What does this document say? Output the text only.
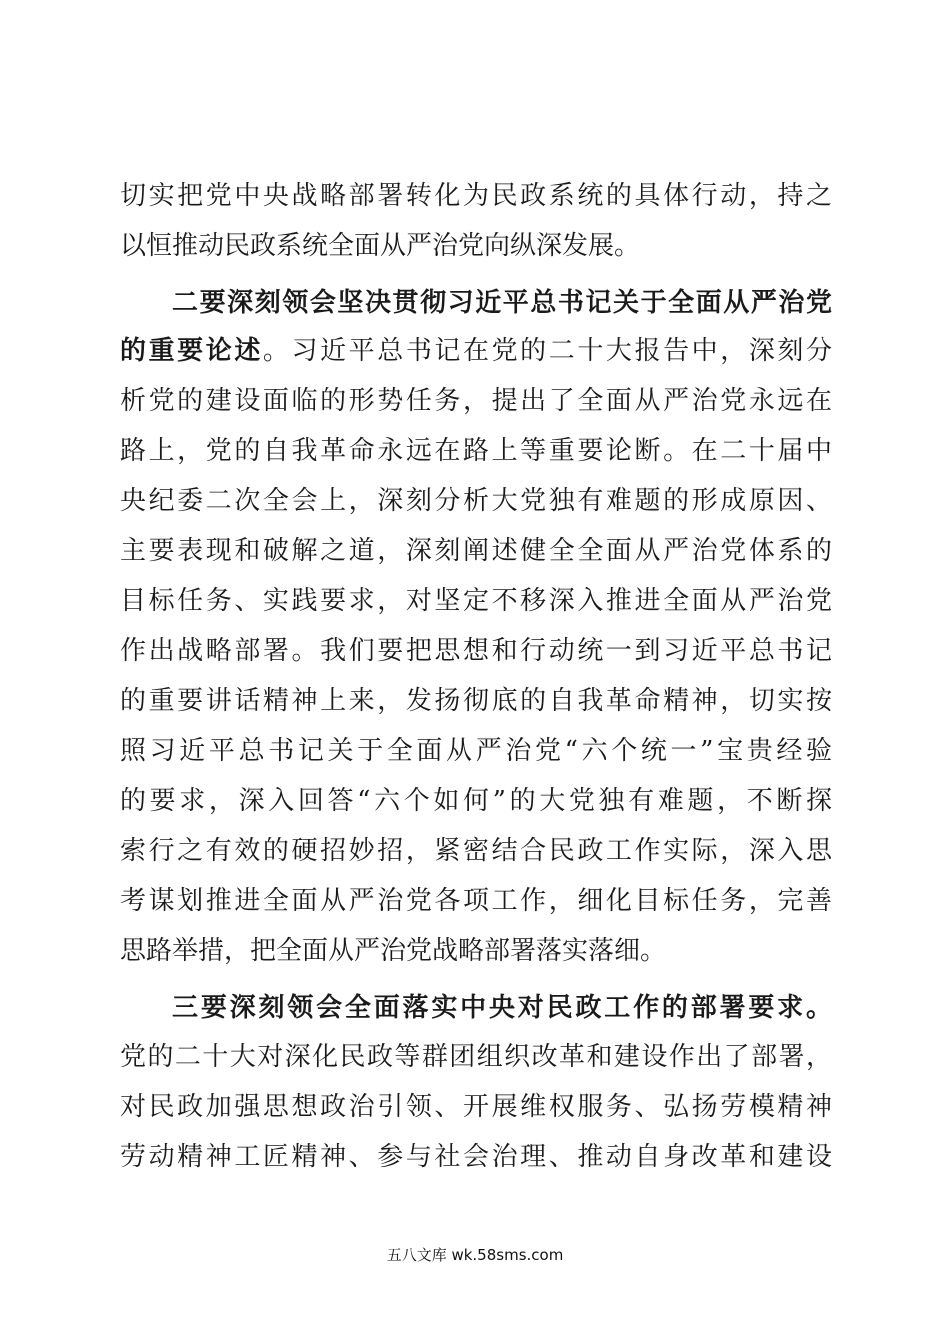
切实把党中央战略部署转化为民政系统的具体行动，持之

以恒推动民政系统全面从严治党向纵深发展。

二要深刻领会坚决贯彻习近平总书记关于全面从严治党

的重要论述。习近平总书记在党的二十大报告中，深刻分

析党的建设面临的形势任务，提出了全面从严治党永远在

路上，党的自我革命永远在路上等重要论断。在二十届中

央纪委二次全会上，深刻分析大党独有难题的形成原因、

主要表现和破解之道，深刻阐述健全全面从严治党体系的

目标任务、实践要求，对坚定不移深入推进全面从严治党

作出战略部署。我们要把思想和行动统一到习近平总书记

的重要讲话精神上来，发扬彻底的自我革命精神，切实按

照习近平总书记关于全面从严治党“六个统一”宝贵经验

的要求，深入回答“六个如何”的大党独有难题，不断探

索行之有效的硬招妙招，紧密结合民政工作实际，深入思

考谋划推进全面从严治党各项工作，细化目标任务，完善

思路举措，把全面从严治党战略部署落实落细。

三要深刻领会全面落实中央对民政工作的部署要求。

党的二十大对深化民政等群团组织改革和建设作出了部署，

对民政加强思想政治引领、开展维权服务、弘扬劳模精神

劳动精神工匠精神、参与社会治理、推动自身改革和建设

五八文库 wk.58sms.com
